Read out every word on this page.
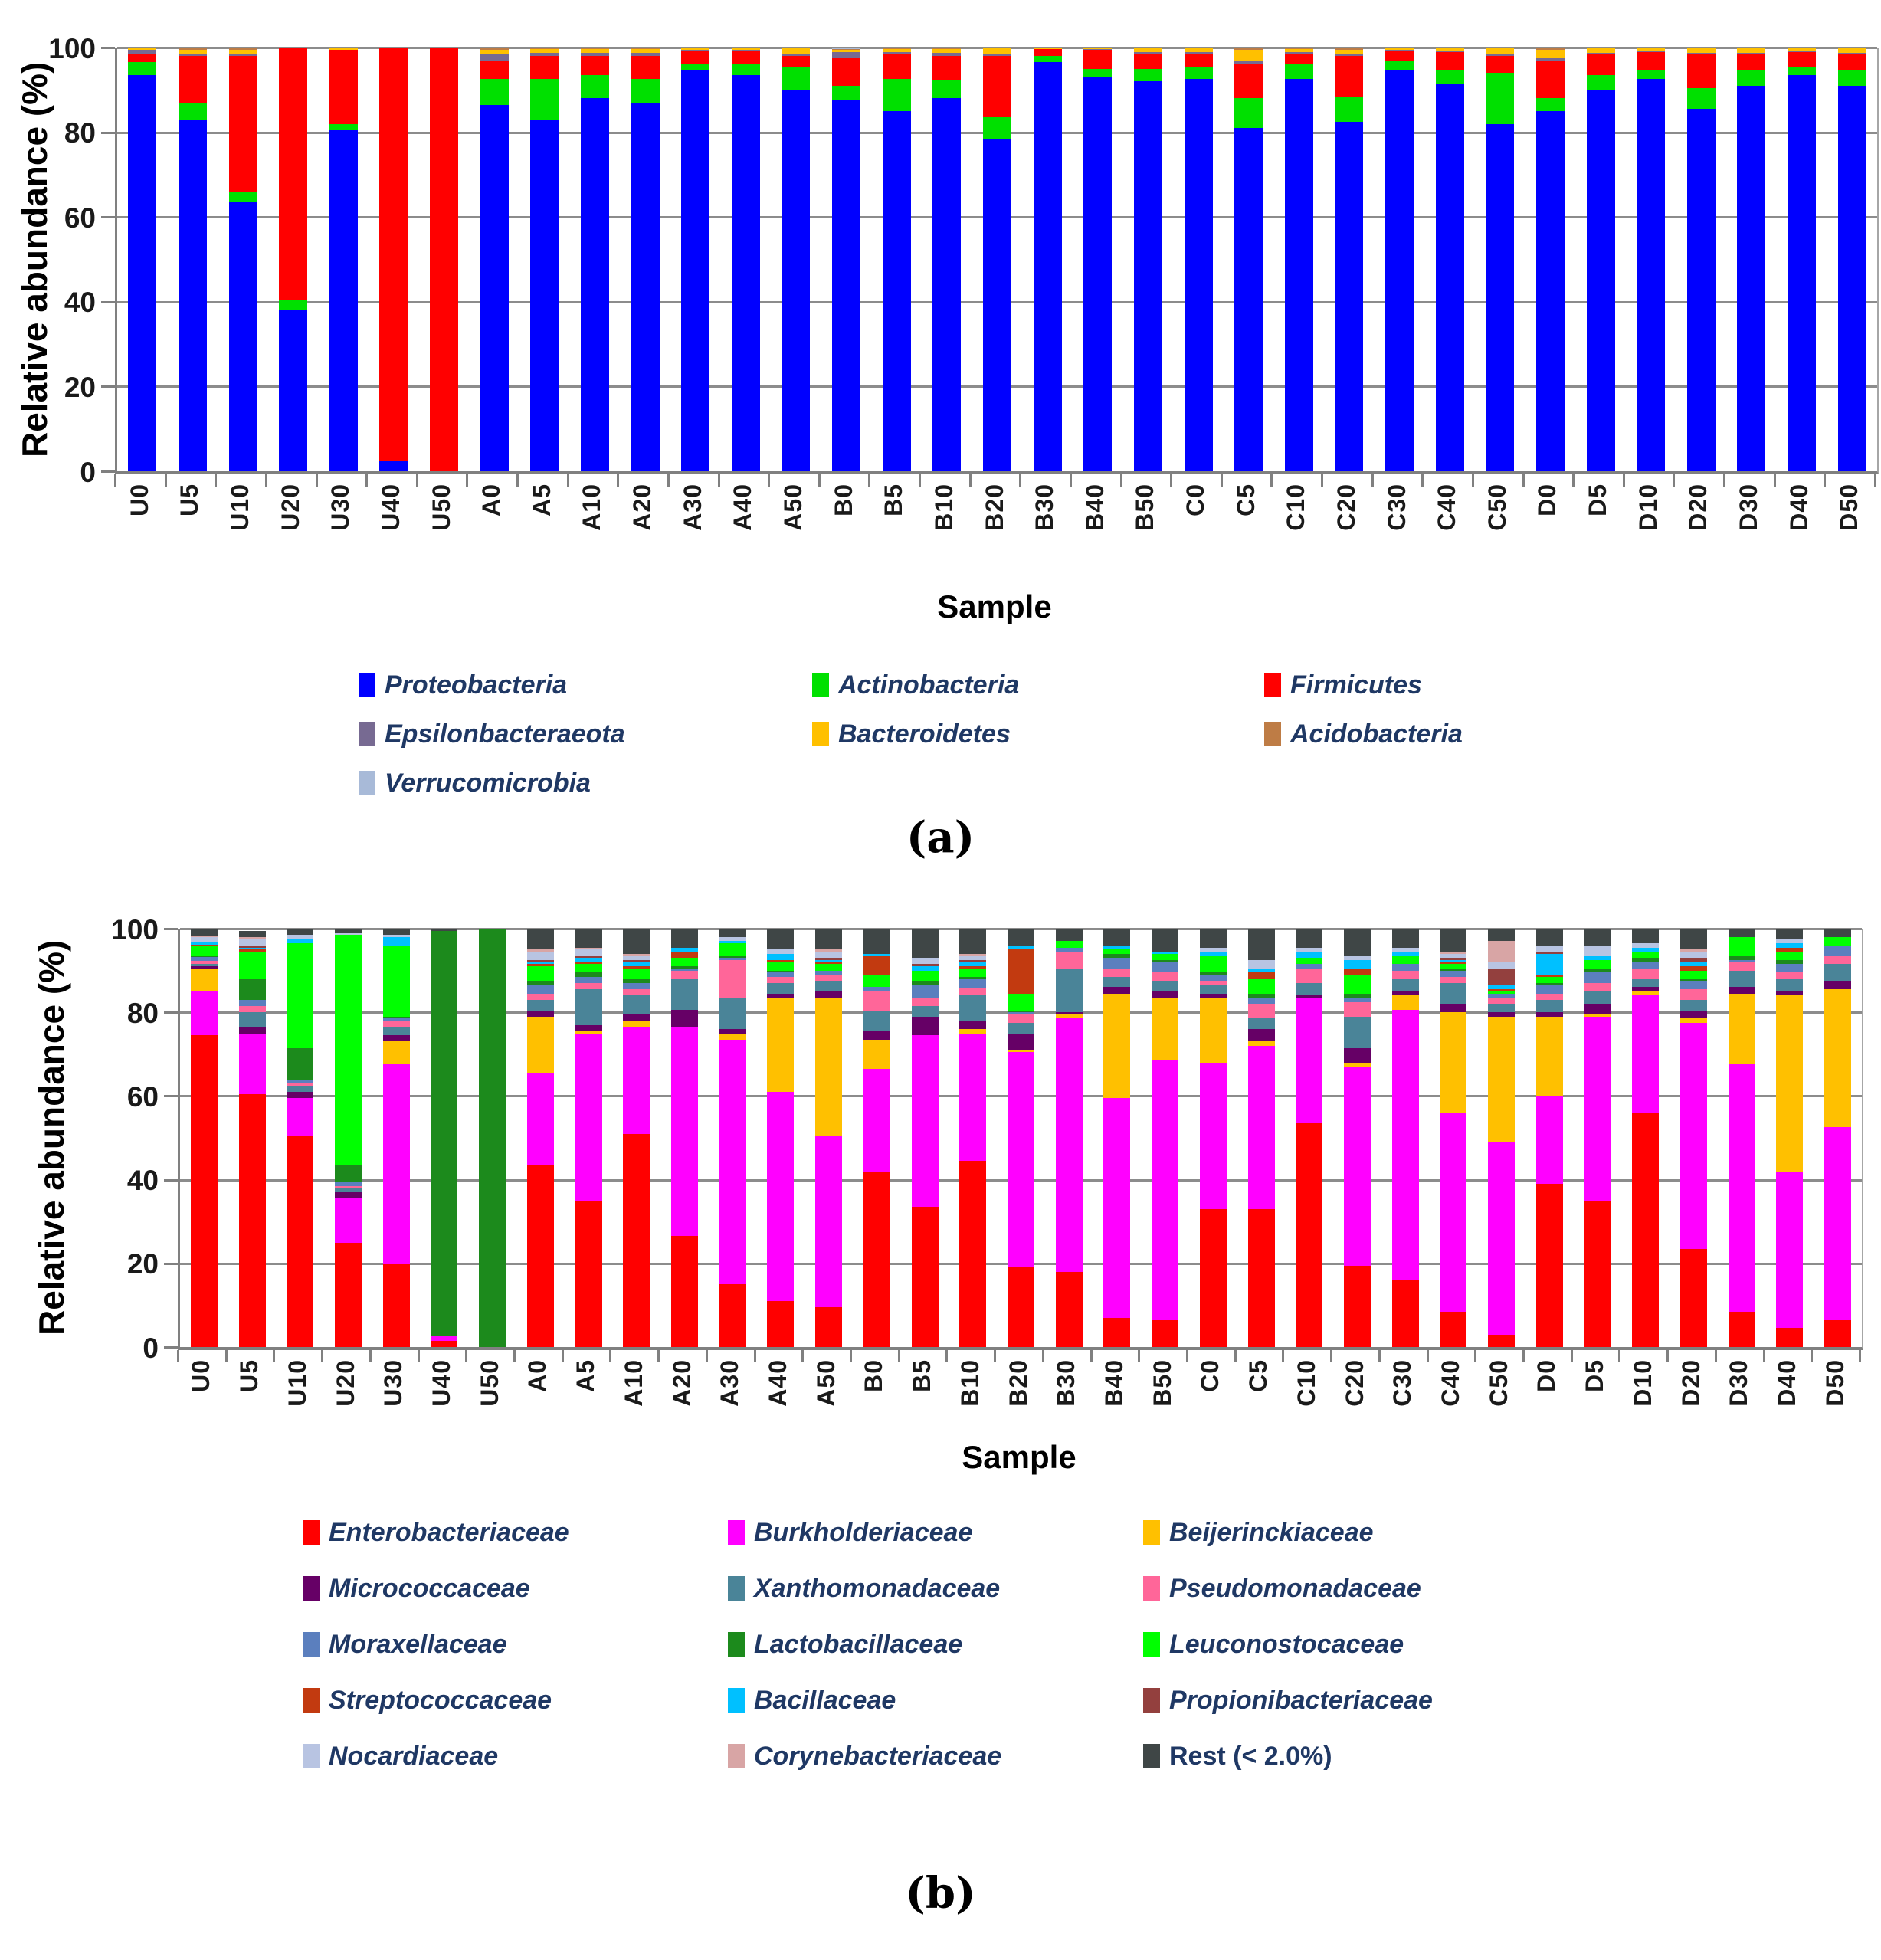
Relative abundance (%)
Sample
Proteobacteria	Actinobacteria	Firmicutes
Epsilonbacteraeota	Bacteroidetes	Acidobacteria
Verrucomicrobia
(a)
0
20
40
60
80
100
U0 U5 U10 U20 U30 U40 U50 A0 A5 A10 A20 A30 A40 A50 B0 B5 B10 B20 B30 B40 B50 C0 C5 C10 C20 C30 C40 C50 D0 D5 D10 D20 D30 D40 D50
Relative abundance (%)
Sample
Enterobacteriaceae	Burkholderiaceae	Beijerinckiaceae
Micrococcaceae	Xanthomonadaceae	Pseudomonadaceae
Moraxellaceae	Lactobacillaceae	Leuconostocaceae
Streptococcaceae	Bacillaceae	Propionibacteriaceae
Nocardiaceae	Corynebacteriaceae	Rest (< 2.0%)
(b)
0
20
40
60
80
100
U0 U5 U10 U20 U30 U40 U50 A0 A5 A10 A20 A30 A40 A50 B0 B5 B10 B20 B30 B40 B50 C0 C5 C10 C20 C30 C40 C50 D0 D5 D10 D20 D30 D40 D50
